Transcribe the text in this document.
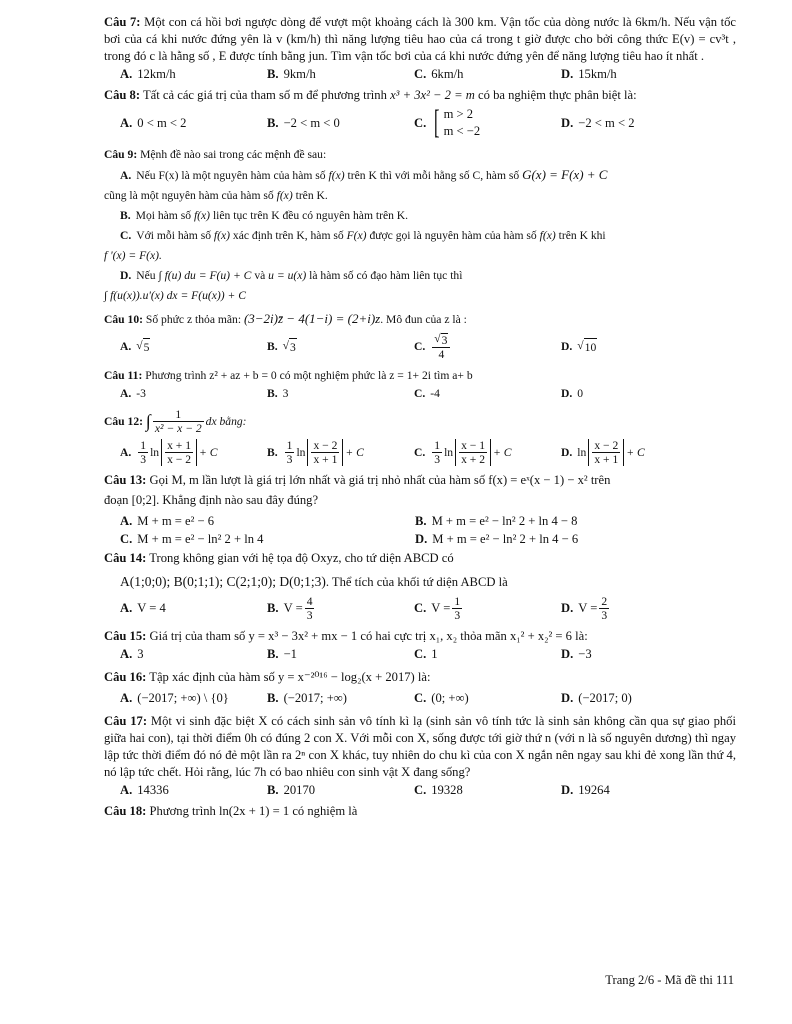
Câu 7: Một con cá hồi bơi ngược dòng để vượt một khoảng cách là 300 km. Vận tốc của dòng nước là 6km/h. Nếu vận tốc bơi của cá khi nước đứng yên là v (km/h) thì năng lượng tiêu hao của cá trong t giờ được cho bởi công thức E(v) = cv³t , trong đó c là hằng số , E được tính bằng jun. Tìm vận tốc bơi của cá khi nước đứng yên để năng lượng tiêu hao ít nhất .
A. 12km/h	B. 9km/h	C. 6km/h	D. 15km/h
Câu 8: Tất cả các giá trị của tham số m để phương trình x³ + 3x² − 2 = m có ba nghiệm thực phân biệt là:
A. 0 < m < 2	B. −2 < m < 0	C. [ m > 2
m < −2
D. −2 < m < 2
Câu 9: Mệnh đề nào sai trong các mệnh đề sau:
A. Nếu F(x) là một nguyên hàm của hàm số f(x) trên K thì với mỗi hằng số C, hàm số G(x) = F(x) + C
cũng là một nguyên hàm của hàm số f(x) trên K.
B. Mọi hàm số f(x) liên tục trên K đều có nguyên hàm trên K.
C. Với mỗi hàm số f(x) xác định trên K, hàm số F(x) được gọi là nguyên hàm của hàm số f(x) trên K khi
f '(x) = F(x).
D. Nếu ∫ f(u) du = F(u) + C và u = u(x) là hàm số có đạo hàm liên tục thì
∫ f(u(x)).u'(x) dx = F(u(x)) + C
Câu 10: Số phức z thỏa mãn: (3−2i)z̄ − 4(1−i) = (2+i)z. Mô đun của z là :
A. √ 5	B. √ 3	C. $\frac{√ 3}{4}$	D. √ 10
Câu 11: Phương trình z² + az + b = 0 có một nghiệm phức là z = 1+ 2i tìm a+ b
A. -3	B. 3	C. -4	D. 0
Câu 12:
∫ $\frac{1}{\text{x² − x − 2}}$ dx bằng:
A. $\frac{1}{3}$ $\ln \frac{x + 1}{x - 2} + C$	B. $\frac{1}{3}$ $\ln \frac{x - 2}{x + 1} + C$	C. $\frac{1}{3}$ $\ln \frac{x - 1}{x + 2} + C$	D. $\ln \frac{x - 2}{x + 1} + C$
Câu 13: Gọi M, m lần lượt là giá trị lớn nhất và giá trị nhỏ nhất của hàm số f(x) = eˣ(x − 1) − x² trên
đoạn [0;2]. Khẳng định nào sau đây đúng?
A. M + m = e² − 6	B. M + m = e² − ln² 2 + ln 4 − 8
C. M + m = e² − ln² 2 + ln 4	D. M + m = e² − ln² 2 + ln 4 − 6
Câu 14: Trong không gian với hệ tọa độ Oxyz, cho tứ diện ABCD có
A(1;0;0); B(0;1;1); C(2;1;0); D(0;1;3). Thể tích của khối tứ diện ABCD là
A. V = 4	B. $V = \frac{4}{3}$	C. $V = \frac{1}{3}$	D. $V = \frac{2}{3}$
Câu 15: Giá trị của tham số y = x³ − 3x² + mx − 1 có hai cực trị x₁, x₂ thỏa mãn x₁² + x₂² = 6 là:
A. 3	B. −1	C. 1	D. −3
Câu 16: Tập xác định của hàm số y = x⁻²⁰¹⁶ − log₂(x + 2017) là:
A. (−2017; +∞) \ {0}	B. (−2017; +∞)	C. (0; +∞)	D. (−2017; 0)
Câu 17: Một vi sinh đặc biệt X có cách sinh sản vô tính kì lạ (sinh sản vô tính tức là sinh sản không cần qua sự giao phối giữa hai con), tại thời điểm 0h có đúng 2 con X. Với mỗi con X, sống được tới giờ thứ n (với n là số nguyên dương) thì ngay lập tức thời điểm đó nó đẻ một lần ra 2ⁿ con X khác, tuy nhiên do chu kì của con X ngắn nên ngay sau khi đẻ xong lần thứ 4, nó lập tức chết. Hỏi rằng, lúc 7h có bao nhiêu con sinh vật X đang sống?
A. 14336	B. 20170	C. 19328	D. 19264
Câu 18: Phương trình ln(2x + 1) = 1 có nghiệm là
Trang 2/6 - Mã đề thi 111
